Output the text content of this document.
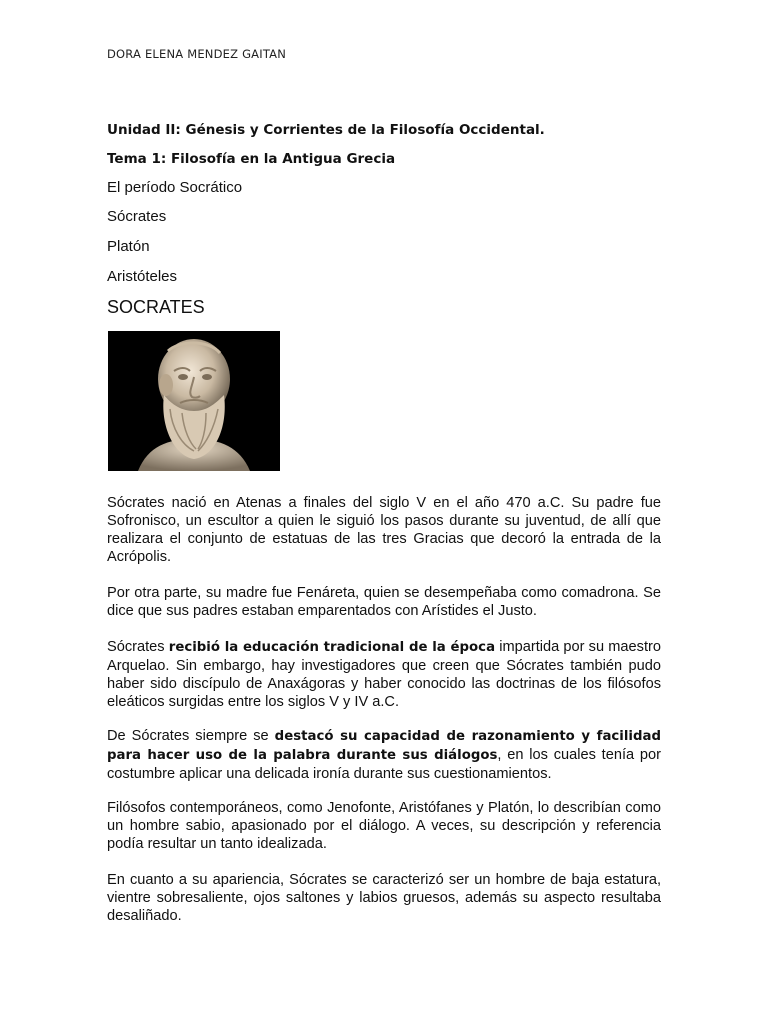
DORA ELENA MENDEZ GAITAN
Unidad II: Génesis y Corrientes de la Filosofía Occidental.
Tema 1: Filosofía en la Antigua Grecia
El período Socrático
Sócrates
Platón
Aristóteles
SOCRATES

Sócrates nació en Atenas a finales del siglo V en el año 470 a.C. Su padre fue Sofronisco, un escultor a quien le siguió los pasos durante su juventud, de allí que realizara el conjunto de estatuas de las tres Gracias que decoró la entrada de la Acrópolis.

Por otra parte, su madre fue Fenáreta, quien se desempeñaba como comadrona. Se dice que sus padres estaban emparentados con Arístides el Justo.

Sócrates recibió la educación tradicional de la época impartida por su maestro Arquelao. Sin embargo, hay investigadores que creen que Sócrates también pudo haber sido discípulo de Anaxágoras y haber conocido las doctrinas de los filósofos eleáticos surgidas entre los siglos V y IV a.C.

De Sócrates siempre se destacó su capacidad de razonamiento y facilidad para hacer uso de la palabra durante sus diálogos, en los cuales tenía por costumbre aplicar una delicada ironía durante sus cuestionamientos.

Filósofos contemporáneos, como Jenofonte, Aristófanes y Platón, lo describían como un hombre sabio, apasionado por el diálogo. A veces, su descripción y referencia podía resultar un tanto idealizada.

En cuanto a su apariencia, Sócrates se caracterizó ser un hombre de baja estatura, vientre sobresaliente, ojos saltones y labios gruesos, además su aspecto resultaba desaliñado.
